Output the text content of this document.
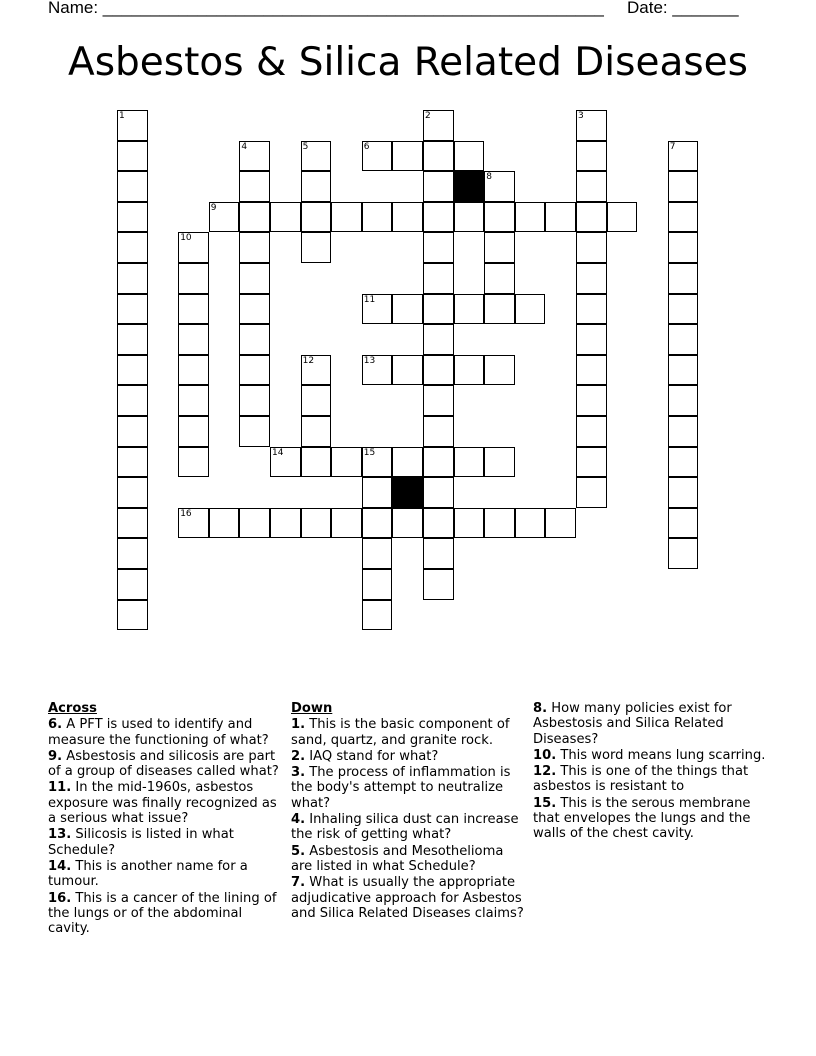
Name: _____________________________________________________ Date: _______
Asbestos & Silica Related Diseases
1	2	3
4	5	6	7
8
9
10
11
12	13
14	15
16
Across
6. A PFT is used to identify and measure the functioning of what?
9. Asbestosis and silicosis are part of a group of diseases called what?
11. In the mid-1960s, asbestos exposure was finally recognized as a serious what issue?
13. Silicosis is listed in what Schedule?
14. This is another name for a tumour.
16. This is a cancer of the lining of the lungs or of the abdominal cavity.
Down
1. This is the basic component of sand, quartz, and granite rock.
2. IAQ stand for what?
3. The process of inflammation is the body's attempt to neutralize what?
4. Inhaling silica dust can increase the risk of getting what?
5. Asbestosis and Mesothelioma are listed in what Schedule?
7. What is usually the appropriate adjudicative approach for Asbestos and Silica Related Diseases claims?
8. How many policies exist for Asbestosis and Silica Related Diseases?
10. This word means lung scarring.
12. This is one of the things that asbestos is resistant to
15. This is the serous membrane that envelopes the lungs and the walls of the chest cavity.
